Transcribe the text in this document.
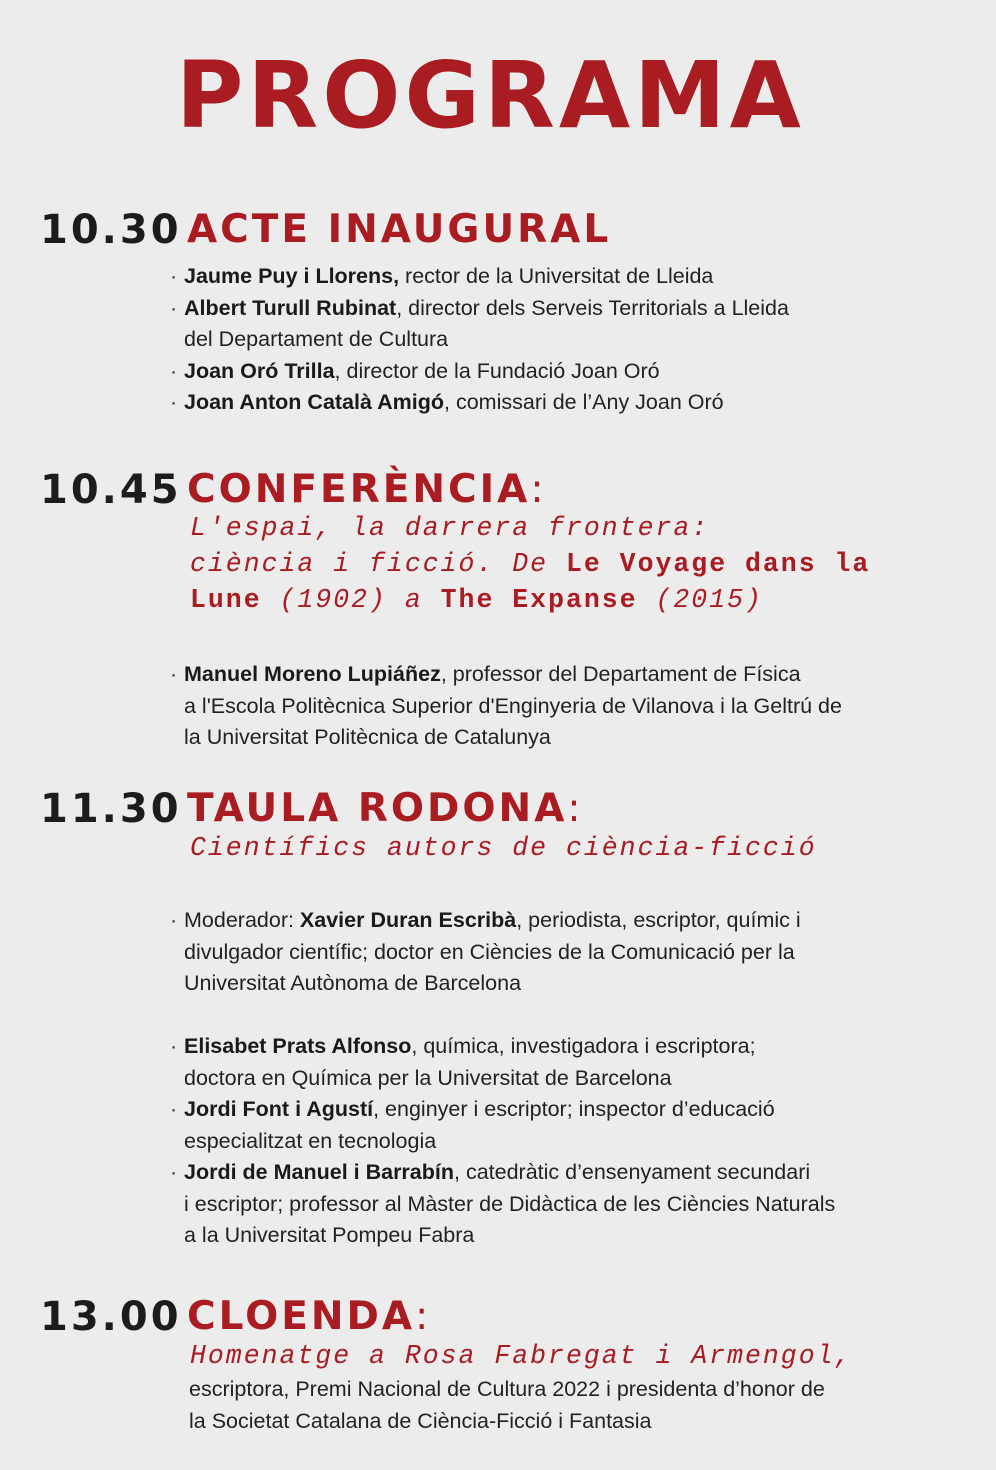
PROGRAMA
10.30 ACTE INAUGURAL
· Jaume Puy i Llorens, rector de la Universitat de Lleida
· Albert Turull Rubinat, director dels Serveis Territorials a Lleida
del Departament de Cultura
· Joan Oró Trilla, director de la Fundació Joan Oró
· Joan Anton Català Amigó, comissari de l’Any Joan Oró
10.45 CONFERÈNCIA:

L'espai, la darrera frontera:
ciència i ficció. De Le Voyage dans la
Lune (1902) a The Expanse (2015)

· Manuel Moreno Lupiáñez, professor del Departament de Física
a l'Escola Politècnica Superior d'Enginyeria de Vilanova i la Geltrú de
la Universitat Politècnica de Catalunya
11.30 TAULA RODONA:

Científics autors de ciència-ficció

· Moderador: Xavier Duran Escribà, periodista, escriptor, químic i
divulgador científic; doctor en Ciències de la Comunicació per la
Universitat Autònoma de Barcelona
· Elisabet Prats Alfonso, química, investigadora i escriptora;
doctora en Química per la Universitat de Barcelona
· Jordi Font i Agustí, enginyer i escriptor; inspector d’educació
especialitzat en tecnologia
· Jordi de Manuel i Barrabín, catedràtic d’ensenyament secundari
i escriptor; professor al Màster de Didàctica de les Ciències Naturals
a la Universitat Pompeu Fabra
13.00 CLOENDA:

Homenatge a Rosa Fabregat i Armengol,

escriptora, Premi Nacional de Cultura 2022 i presidenta d’honor de
la Societat Catalana de Ciència-Ficció i Fantasia
